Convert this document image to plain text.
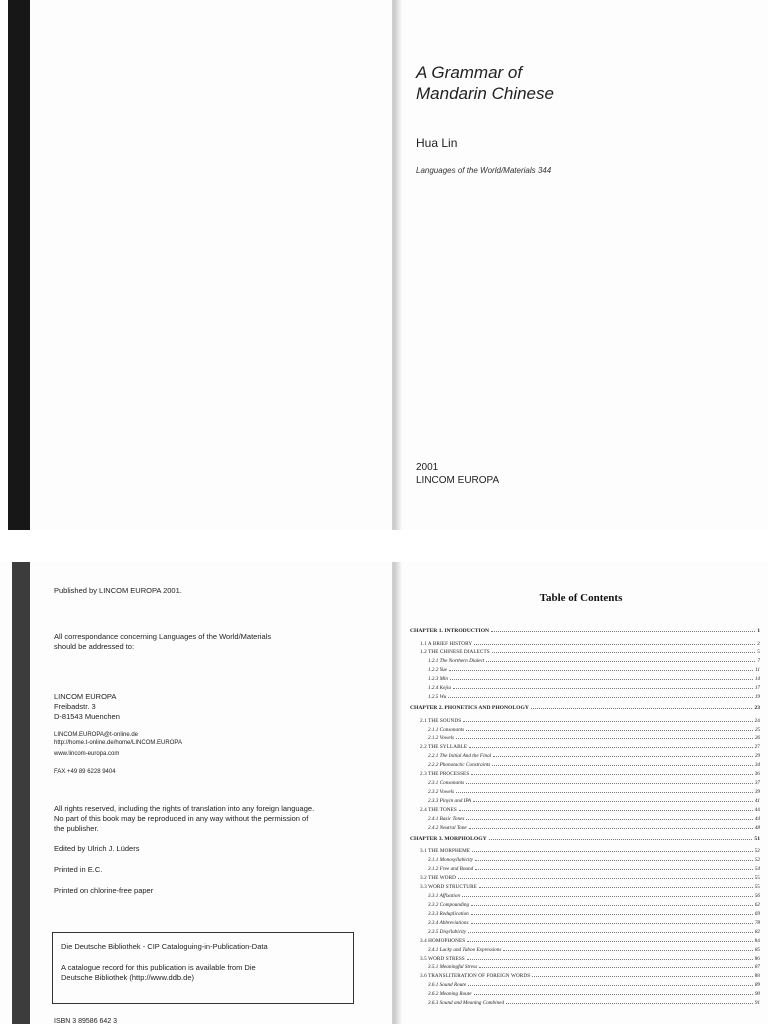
A Grammar of
Mandarin Chinese
Hua Lin
Languages of the World/Materials 344
2001
LINCOM EUROPA

Published by LINCOM EUROPA 2001.

All correspondance concerning Languages of the World/Materials

should be addressed to:

LINCOM EUROPA

Freibadstr. 3

D-81543 Muenchen

LINCOM.EUROPA@t-online.de

http://home.t-online.de/home/LINCOM.EUROPA

www.lincom-europa.com

FAX +49 89 6228 9404

All rights reserved, including the rights of translation into any foreign language.

No part of this book may be reproduced in any way without the permission of

the publisher.

Edited by Ulrich J. Lüders

Printed in E.C.

Printed on chlorine-free paper

Die Deutsche Bibliothek - CIP Cataloguing-in-Publication-Data

A catalogue record for this publication is available from Die

Deutsche Bibliothek (http://www.ddb.de)

ISBN 3 89586 642 3
Table of Contents
CHAPTER 1. INTRODUCTION	1
1.1 A BRIEF HISTORY	2
1.2 THE CHINESE DIALECTS	5
1.2.1 The Northern Dialect	7
1.2.2 Yue	11
1.2.3 Min	14
1.2.4 Kejia	17
1.2.5 Wu	19
CHAPTER 2. PHONETICS AND PHONOLOGY	23
2.1 THE SOUNDS	24
2.1.1 Consonants	25
2.1.2 Vowels	26
2.2 THE SYLLABLE	27
2.2.1 The Initial And the Final	29
2.2.2 Phonotactic Constraints	34
2.3 THE PROCESSES	36
2.3.1 Consonants	37
2.3.2 Vowels	39
2.3.3 Pinyin and IPA	41
2.4 THE TONES	44
2.4.1 Basic Tones	44
2.4.2 Neutral Tone	48
CHAPTER 3. MORPHOLOGY	51
3.1 THE MORPHEME	52
3.1.1 Monosyllabicity	52
3.1.2 Free and Bound	54
3.2 THE WORD	55
3.3 WORD STRUCTURE	55
3.3.1 Affixation	56
3.3.2 Compounding	62
3.3.3 Reduplication	69
3.3.4 Abbreviations	78
3.3.5 Disyllabicity	82
3.4 HOMOPHONES	84
3.4.1 Lucky and Taboo Expressions	85
3.5 WORD STRESS	86
3.5.1 Meaningful Stress	87
3.6 TRANSLITERATION OF FOREIGN WORDS	88
3.6.1 Sound Route	89
3.6.2 Meaning Route	90
3.6.3 Sound and Meaning Combined	91
